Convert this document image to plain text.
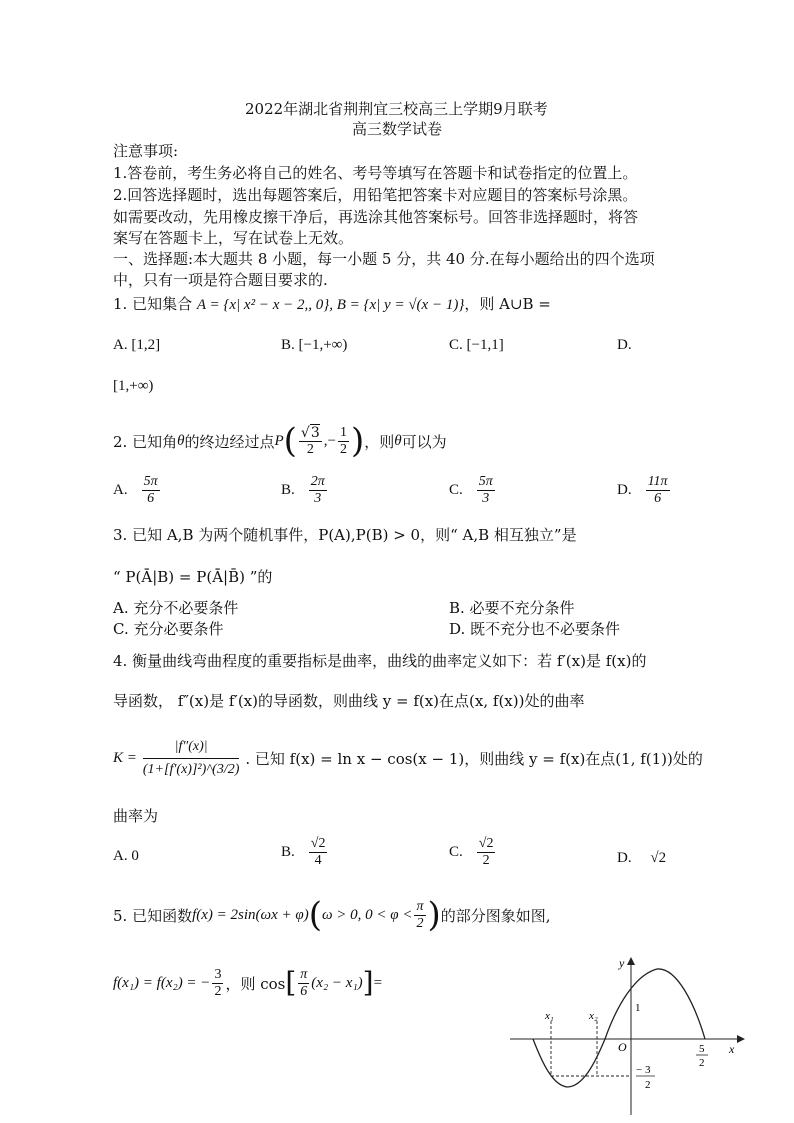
2022年湖北省荆荆宜三校高三上学期9月联考
高三数学试卷
注意事项:
1.答卷前，考生务必将自己的姓名、考号等填写在答题卡和试卷指定的位置上。
2.回答选择题时，选出每题答案后，用铅笔把答案卡对应题目的答案标号涂黑。
如需要改动，先用橡皮擦干净后，再选涂其他答案标号。回答非选择题时，将答
案写在答题卡上，写在试卷上无效。
一、选择题:本大题共 8 小题，每一小题 5 分，共 40 分.在每小题给出的四个选项
中，只有一项是符合题目要求的.
1. 已知集合 A = {x| x² − x − 2,, 0}, B = {x| y = √(x − 1)}，则 A∪B =
A. [1,2]	B. [−1,+∞)	C. [−1,1]	D.
[1,+∞)
2. 已知角 θ 的终边经过点 P ( $\frac{√3}{2}$ ,− $\frac{1}{2}$ ) ，则 θ 可以为
A. $\frac{5\pi}{6}$	B. $\frac{2\pi}{3}$	C. $\frac{5\pi}{3}$	D. $\frac{11\pi}{6}$
3. 已知 A,B 为两个随机事件，P(A),P(B) > 0，则“ A,B 相互独立”是
“ P(Ā|B) = P(Ā|B̄) ”的
A. 充分不必要条件	B. 必要不充分条件
C. 充分必要条件	D. 既不充分也不必要条件
4. 衡量曲线弯曲程度的重要指标是曲率，曲线的曲率定义如下：若 f′(x)是 f(x)的
导函数， f″(x)是 f′(x)的导函数，则曲线 y = f(x)在点(x, f(x))处的曲率
$K = \frac{|f''(x)|}{\text{(1+[f′(x)]²)\textasciicircum{}(3/2)}}$ . 已知 f(x) = ln x − cos(x − 1)，则曲线 y = f(x)在点(1, f(1))处的
曲率为
A. 0	B. $\frac{√2}{4}$	C. $\frac{√2}{2}$	D. √2
5. 已知函数 f(x) = 2sin(ωx + φ) ( ω > 0, $0 < \varphi < \frac{\pi}{2}$ ) 的部分图象如图,
f(x₁) = f(x₂) = − $\frac{3}{2}$ ，则 cos [ $\frac{\pi}{6} (x_2 - x_1)$ ] =
y
x
O
x₁	x₂
1
5
2
3
2
−
